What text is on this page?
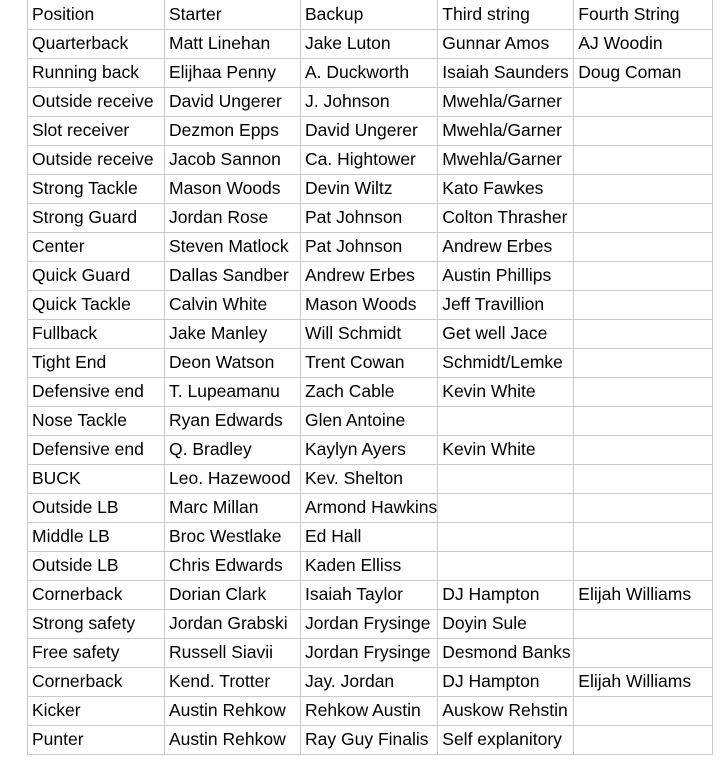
Position	Starter	Backup	Third string	Fourth String
Quarterback	Matt Linehan	Jake Luton	Gunnar Amos	AJ Woodin
Running back	Elijhaa Penny	A. Duckworth	Isaiah Saunders	Doug Coman
Outside receive	David Ungerer	J. Johnson	Mwehla/Garner	
Slot receiver	Dezmon Epps	David Ungerer	Mwehla/Garner	
Outside receive	Jacob Sannon	Ca. Hightower	Mwehla/Garner	
Strong Tackle	Mason Woods	Devin Wiltz	Kato Fawkes	
Strong Guard	Jordan Rose	Pat Johnson	Colton Thrasher	
Center	Steven Matlock	Pat Johnson	Andrew Erbes	
Quick Guard	Dallas Sandber	Andrew Erbes	Austin Phillips	
Quick Tackle	Calvin White	Mason Woods	Jeff Travillion	
Fullback	Jake Manley	Will Schmidt	Get well Jace	
Tight End	Deon Watson	Trent Cowan	Schmidt/Lemke	
Defensive end	T. Lupeamanu	Zach Cable	Kevin White	
Nose Tackle	Ryan Edwards	Glen Antoine		
Defensive end	Q. Bradley	Kaylyn Ayers	Kevin White	
BUCK	Leo. Hazewood	Kev. Shelton		
Outside LB	Marc Millan	Armond Hawkins		
Middle LB	Broc Westlake	Ed Hall		
Outside LB	Chris Edwards	Kaden Elliss		
Cornerback	Dorian Clark	Isaiah Taylor	DJ Hampton	Elijah Williams
Strong safety	Jordan Grabski	Jordan Frysinge	Doyin Sule	
Free safety	Russell Siavii	Jordan Frysinge	Desmond Banks	
Cornerback	Kend. Trotter	Jay. Jordan	DJ Hampton	Elijah Williams
Kicker	Austin Rehkow	Rehkow Austin	Auskow Rehstin	
Punter	Austin Rehkow	Ray Guy Finalis	Self explanitory	
